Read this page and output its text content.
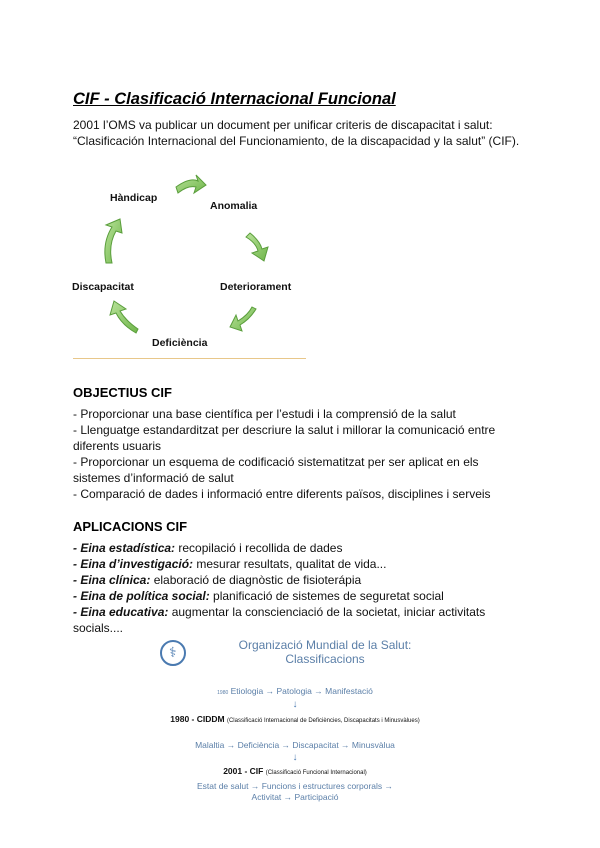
CIF - Clasificació Internacional Funcional
2001 l’OMS va publicar un document per unificar criteris de discapacitat i salut:
“Clasificación Internacional del Funcionamiento, de la discapacidad y la salut” (CIF).
Hàndicap
Anomalia
Deteriorament
Deficiència
Discapacitat
OBJECTIUS CIF
- Proporcionar una base científica per l’estudi i la comprensió de la salut
- Llenguatge estandarditzat per descriure la salut i millorar la comunicació entre diferents usuaris
- Proporcionar un esquema de codificació sistematitzat per ser aplicat en els sistemes d’informació de salut
- Comparació de dades i informació entre diferents països, disciplines i serveis
APLICACIONS CIF
- Eina estadística: recopilació i recollida de dades
- Eina d’investigació: mesurar resultats, qualitat de vida...
- Eina clínica: elaboració de diagnòstic de fisioterápia
- Eina de política social: planificació de sistemes de seguretat social
- Eina educativa: augmentar la conscienciació de la societat, iniciar activitats socials....
⚕	Organizació Mundial de la Salut:
Classificacions
1980 Etiologia → Patologia → Manifestació
↓
1980 - CIDDM (Classificació Internacional de Deficiències, Discapacitats i Minusvàlues)
Malaltia → Deficiència → Discapacitat → Minusvàlua
↓
2001 - CIF (Classificació Funcional Internacional)
Estat de salut → Funcions i estructures corporals →
Activitat → Participació
